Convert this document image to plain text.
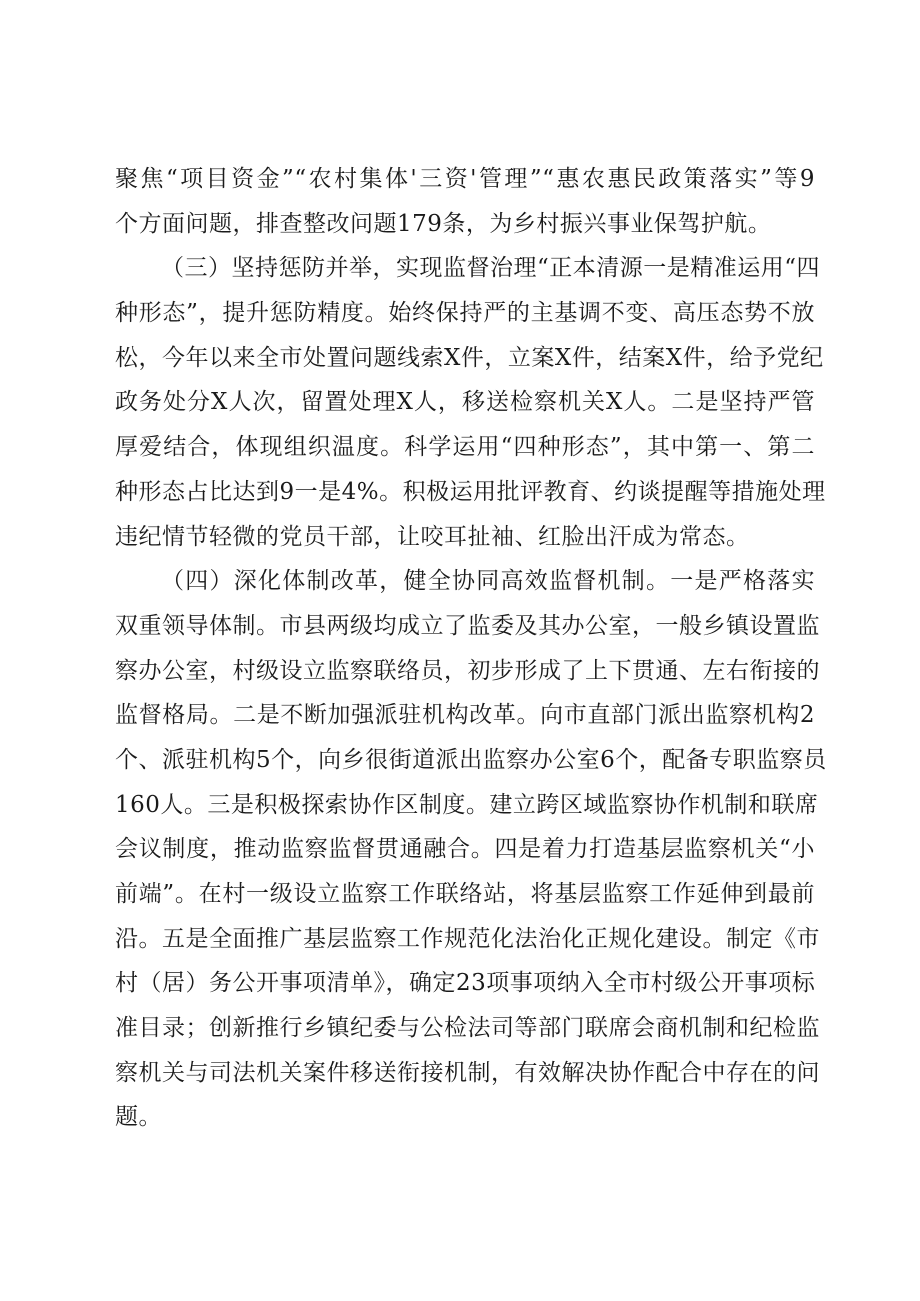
聚焦“项目资金”“农村集体'三资'管理”“惠农惠民政策落实”等9
个方面问题，排查整改问题179条，为乡村振兴事业保驾护航。
（三）坚持惩防并举，实现监督治理“正本清源一是精准运用“四
种形态”，提升惩防精度。始终保持严的主基调不变、高压态势不放
松，今年以来全市处置问题线索X件，立案X件，结案X件，给予党纪
政务处分X人次，留置处理X人，移送检察机关X人。二是坚持严管
厚爱结合，体现组织温度。科学运用“四种形态”，其中第一、第二
种形态占比达到9一是4%。积极运用批评教育、约谈提醒等措施处理
违纪情节轻微的党员干部，让咬耳扯袖、红脸出汗成为常态。
（四）深化体制改革，健全协同高效监督机制。一是严格落实
双重领导体制。市县两级均成立了监委及其办公室，一般乡镇设置监
察办公室，村级设立监察联络员，初步形成了上下贯通、左右衔接的
监督格局。二是不断加强派驻机构改革。向市直部门派出监察机构2
个、派驻机构5个，向乡很街道派出监察办公室6个，配备专职监察员
160人。三是积极探索协作区制度。建立跨区域监察协作机制和联席
会议制度，推动监察监督贯通融合。四是着力打造基层监察机关“小
前端”。在村一级设立监察工作联络站，将基层监察工作延伸到最前
沿。五是全面推广基层监察工作规范化法治化正规化建设。制定《市
村（居）务公开事项清单》，确定23项事项纳入全市村级公开事项标
准目录；创新推行乡镇纪委与公检法司等部门联席会商机制和纪检监
察机关与司法机关案件移送衔接机制，有效解决协作配合中存在的问
题。
